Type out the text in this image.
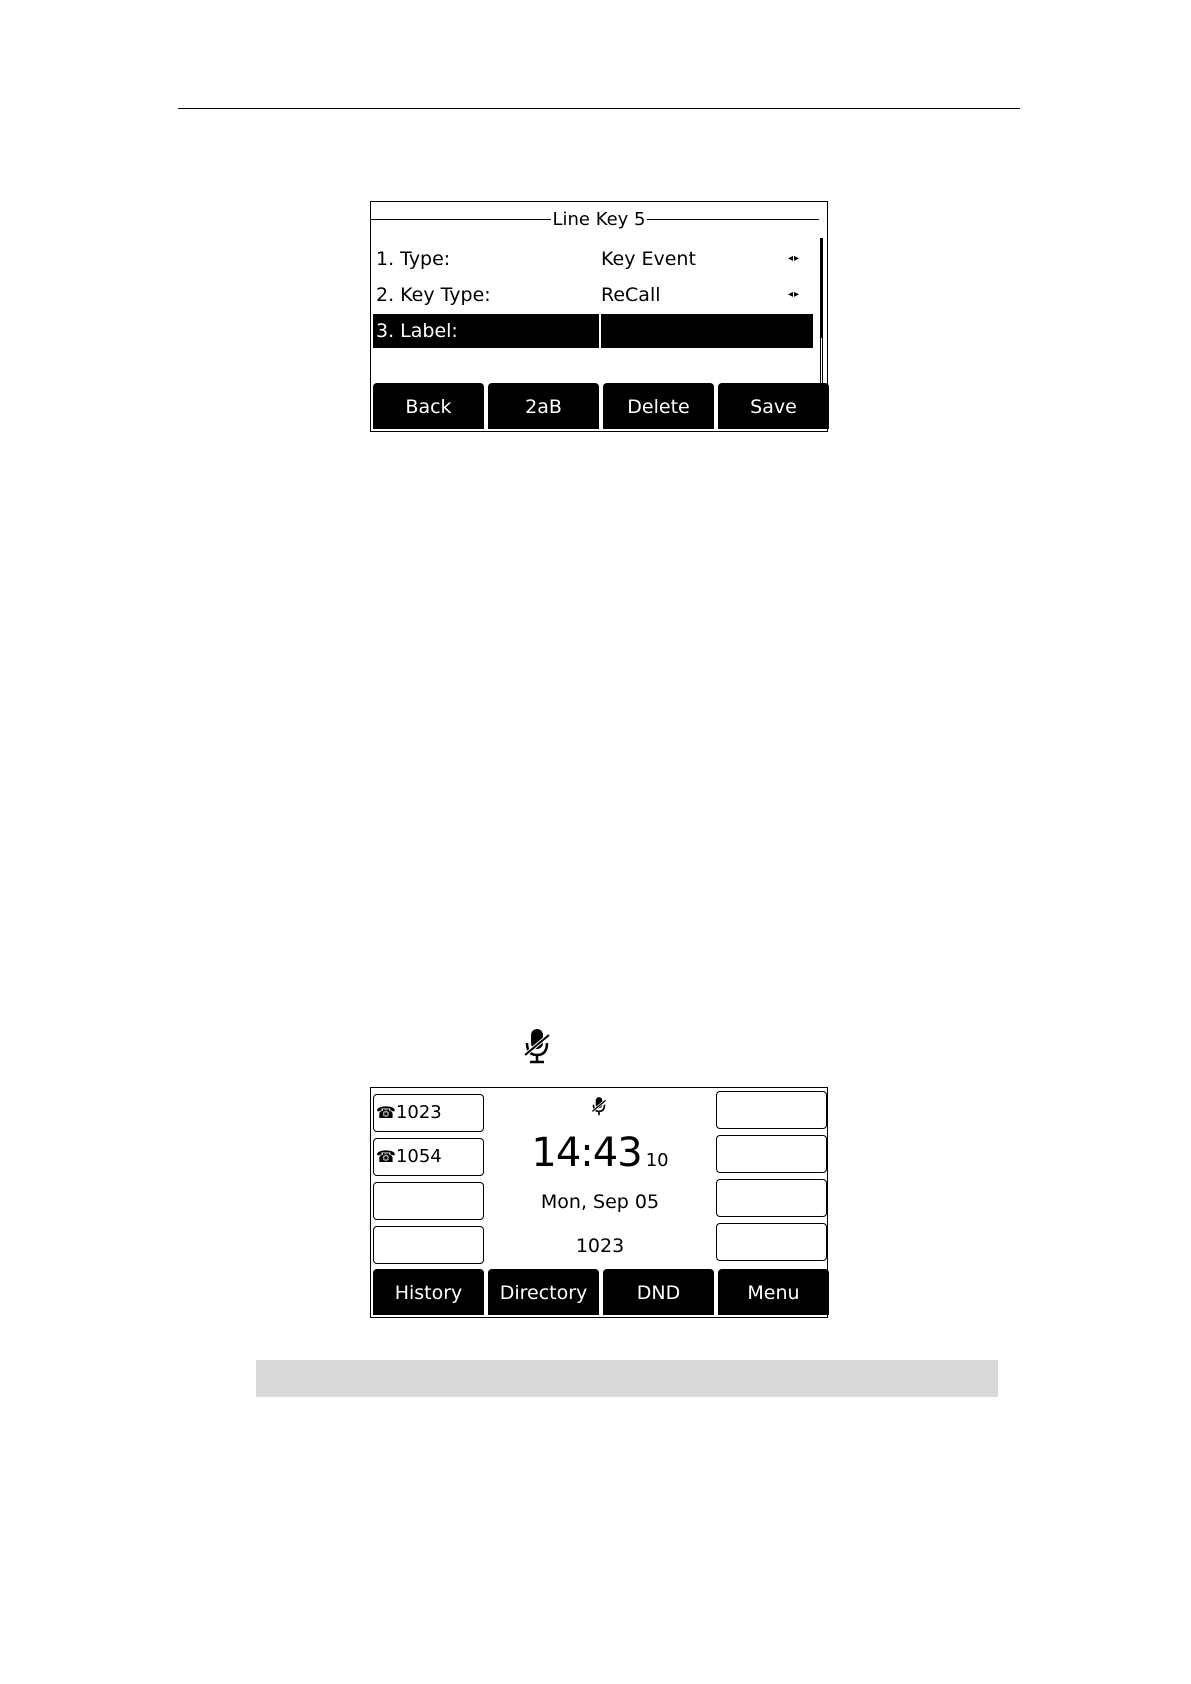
Line Key 5
1. Type:	Key Event	◂▸
2. Key Type:	ReCall	◂▸
3. Label:
Back	2aB	Delete	Save
☎1023
☎1054	14:43 10
Mon, Sep 05
1023
History	Directory	DND	Menu
